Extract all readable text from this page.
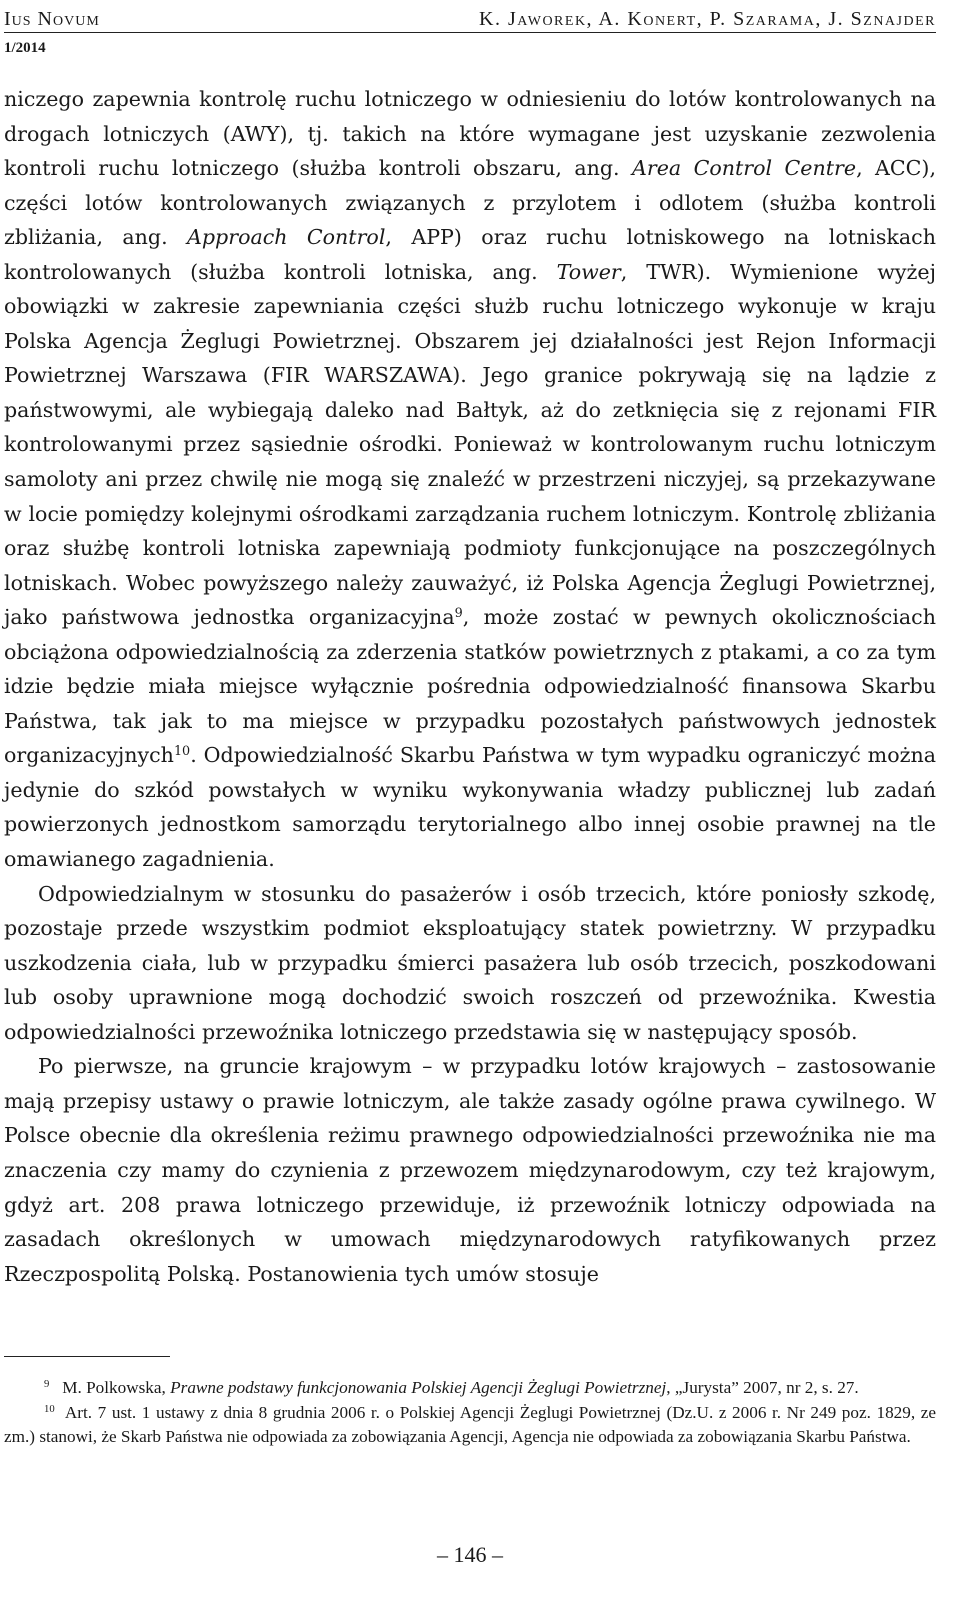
Ius Novum	K. Jaworek, A. Konert, P. Szarama, J. Sznajder
1/2014

niczego zapewnia kontrolę ruchu lotniczego w odniesieniu do lotów kontrolowanych na drogach lotniczych (AWY), tj. takich na które wymagane jest uzyskanie zezwolenia kontroli ruchu lotniczego (służba kontroli obszaru, ang. Area Control Centre, ACC), części lotów kontrolowanych związanych z przylotem i odlotem (służba kontroli zbliżania, ang. Approach Control, APP) oraz ruchu lotniskowego na lotniskach kontrolowanych (służba kontroli lotniska, ang. Tower, TWR). Wymienione wyżej obowiązki w zakresie zapewniania części służb ruchu lotniczego wykonuje w kraju Polska Agencja Żeglugi Powietrznej. Obszarem jej działalności jest Rejon Informacji Powietrznej Warszawa (FIR WARSZAWA). Jego granice pokrywają się na lądzie z państwowymi, ale wybiegają daleko nad Bałtyk, aż do zetknięcia się z rejonami FIR kontrolowanymi przez sąsiednie ośrodki. Ponieważ w kontrolowanym ruchu lotniczym samoloty ani przez chwilę nie mogą się znaleźć w przestrzeni niczyjej, są przekazywane w locie pomiędzy kolejnymi ośrodkami zarządzania ruchem lotniczym. Kontrolę zbliżania oraz służbę kontroli lotniska zapewniają podmioty funkcjonujące na poszczególnych lotniskach. Wobec powyższego należy zauważyć, iż Polska Agencja Żeglugi Powietrznej, jako państwowa jednostka organizacyjna$^9$, może zostać w pewnych okolicznościach obciążona odpowiedzialnością za zderzenia statków powietrznych z ptakami, a co za tym idzie będzie miała miejsce wyłącznie pośrednia odpowiedzialność finansowa Skarbu Państwa, tak jak to ma miejsce w przypadku pozostałych państwowych jednostek organizacyjnych$^{10}$. Odpowiedzialność Skarbu Państwa w tym wypadku ograniczyć można jedynie do szkód powstałych w wyniku wykonywania władzy publicznej lub zadań powierzonych jednostkom samorządu terytorialnego albo innej osobie prawnej na tle omawianego zagadnienia.

Odpowiedzialnym w stosunku do pasażerów i osób trzecich, które poniosły szkodę, pozostaje przede wszystkim podmiot eksploatujący statek powietrzny. W przypadku uszkodzenia ciała, lub w przypadku śmierci pasażera lub osób trzecich, poszkodowani lub osoby uprawnione mogą dochodzić swoich roszczeń od przewoźnika. Kwestia odpowiedzialności przewoźnika lotniczego przedstawia się w następujący sposób.

Po pierwsze, na gruncie krajowym – w przypadku lotów krajowych – zastosowanie mają przepisy ustawy o prawie lotniczym, ale także zasady ogólne prawa cywilnego. W Polsce obecnie dla określenia reżimu prawnego odpowiedzialności przewoźnika nie ma znaczenia czy mamy do czynienia z przewozem międzynarodowym, czy też krajowym, gdyż art. 208 prawa lotniczego przewiduje, iż przewoźnik lotniczy odpowiada na zasadach określonych w umowach międzynarodowych ratyfikowanych przez Rzeczpospolitą Polską. Postanowienia tych umów stosuje

$^9$ M. Polkowska, Prawne podstawy funkcjonowania Polskiej Agencji Żeglugi Powietrznej, „Jurysta” 2007, nr 2, s. 27.

$^{10}$ Art. 7 ust. 1 ustawy z dnia 8 grudnia 2006 r. o Polskiej Agencji Żeglugi Powietrznej (Dz.U. z 2006 r. Nr 249 poz. 1829, ze zm.) stanowi, że Skarb Państwa nie odpowiada za zobowiązania Agencji, Agencja nie odpowiada za zobowiązania Skarbu Państwa.

– 146 –
